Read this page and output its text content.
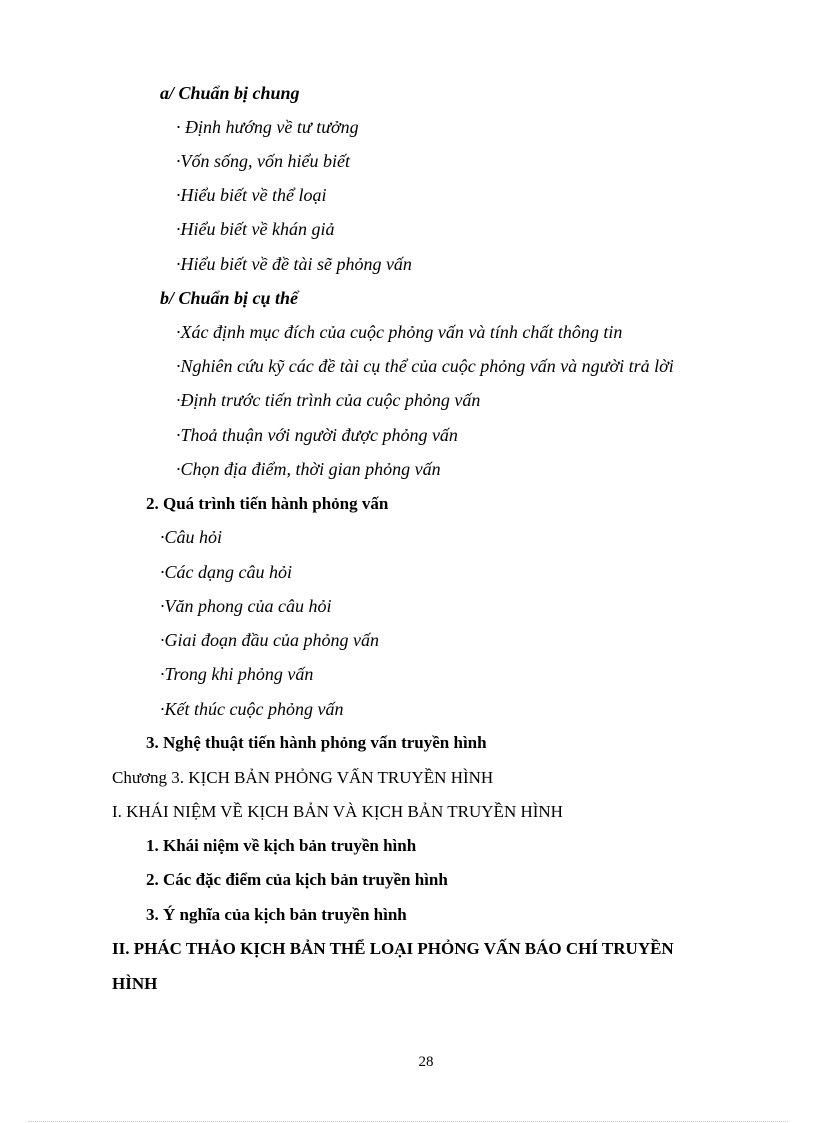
a/ Chuẩn bị chung
· Định hướng về tư tưởng
·Vốn sống, vốn hiểu biết
·Hiểu biết về thể loại
·Hiểu biết về khán giả
·Hiểu biết về đề tài sẽ phỏng vấn
b/ Chuẩn bị cụ thể
·Xác định mục đích của cuộc phỏng vấn và tính chất thông tin
·Nghiên cứu kỹ các đề tài cụ thể của cuộc phỏng vấn và người trả lời
·Định trước tiến trình của cuộc phỏng vấn
·Thoả thuận với người được phỏng vấn
·Chọn địa điểm, thời gian phỏng vấn
2. Quá trình tiến hành phỏng vấn
·Câu hỏi
·Các dạng câu hỏi
·Văn phong của câu hỏi
·Giai đoạn đầu của phỏng vấn
·Trong khi phỏng vấn
·Kết thúc cuộc phỏng vấn
3. Nghệ thuật tiến hành phỏng vấn truyền hình
Chương 3. KỊCH BẢN PHỎNG VẤN TRUYỀN HÌNH
I. KHÁI NIỆM VỀ KỊCH BẢN VÀ KỊCH BẢN TRUYỀN HÌNH
1. Khái niệm về kịch bản truyền hình
2. Các đặc điểm của kịch bản truyền hình
3. Ý nghĩa của kịch bản truyền hình
II. PHÁC THẢO KỊCH BẢN THỂ LOẠI PHỎNG VẤN BÁO CHÍ TRUYỀN
HÌNH
28
